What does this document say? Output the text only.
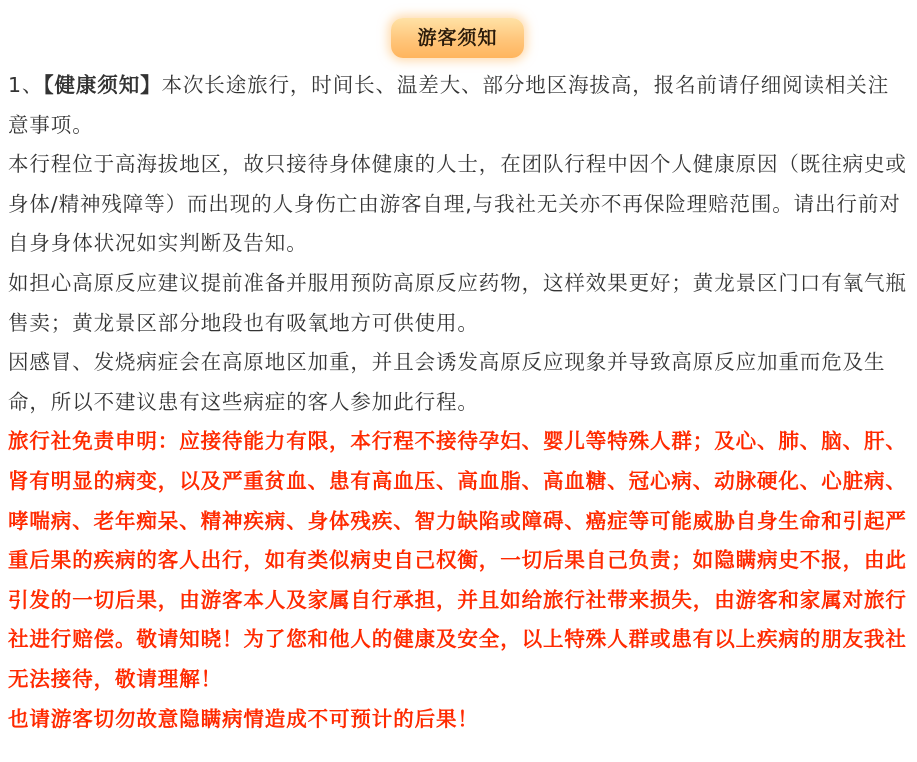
游客须知

1、【健康须知】本次长途旅行，时间长、温差大、部分地区海拔高，报名前请仔细阅读相关注意事项。

本行程位于高海拔地区，故只接待身体健康的人士，在团队行程中因个人健康原因（既往病史或身体/精神残障等）而出现的人身伤亡由游客自理,与我社无关亦不再保险理赔范围。请出行前对自身身体状况如实判断及告知。

如担心高原反应建议提前准备并服用预防高原反应药物，这样效果更好；黄龙景区门口有氧气瓶售卖；黄龙景区部分地段也有吸氧地方可供使用。

因感冒、发烧病症会在高原地区加重，并且会诱发高原反应现象并导致高原反应加重而危及生命，所以不建议患有这些病症的客人参加此行程。

旅行社免责申明：应接待能力有限，本行程不接待孕妇、婴儿等特殊人群；及心、肺、脑、肝、肾有明显的病变，以及严重贫血、患有高血压、高血脂、高血糖、冠心病、动脉硬化、心脏病、哮喘病、老年痴呆、精神疾病、身体残疾、智力缺陷或障碍、癌症等可能威胁自身生命和引起严重后果的疾病的客人出行，如有类似病史自己权衡，一切后果自己负责；如隐瞒病史不报，由此引发的一切后果，由游客本人及家属自行承担，并且如给旅行社带来损失，由游客和家属对旅行社进行赔偿。敬请知晓！为了您和他人的健康及安全，以上特殊人群或患有以上疾病的朋友我社无法接待，敬请理解！

也请游客切勿故意隐瞒病情造成不可预计的后果！
